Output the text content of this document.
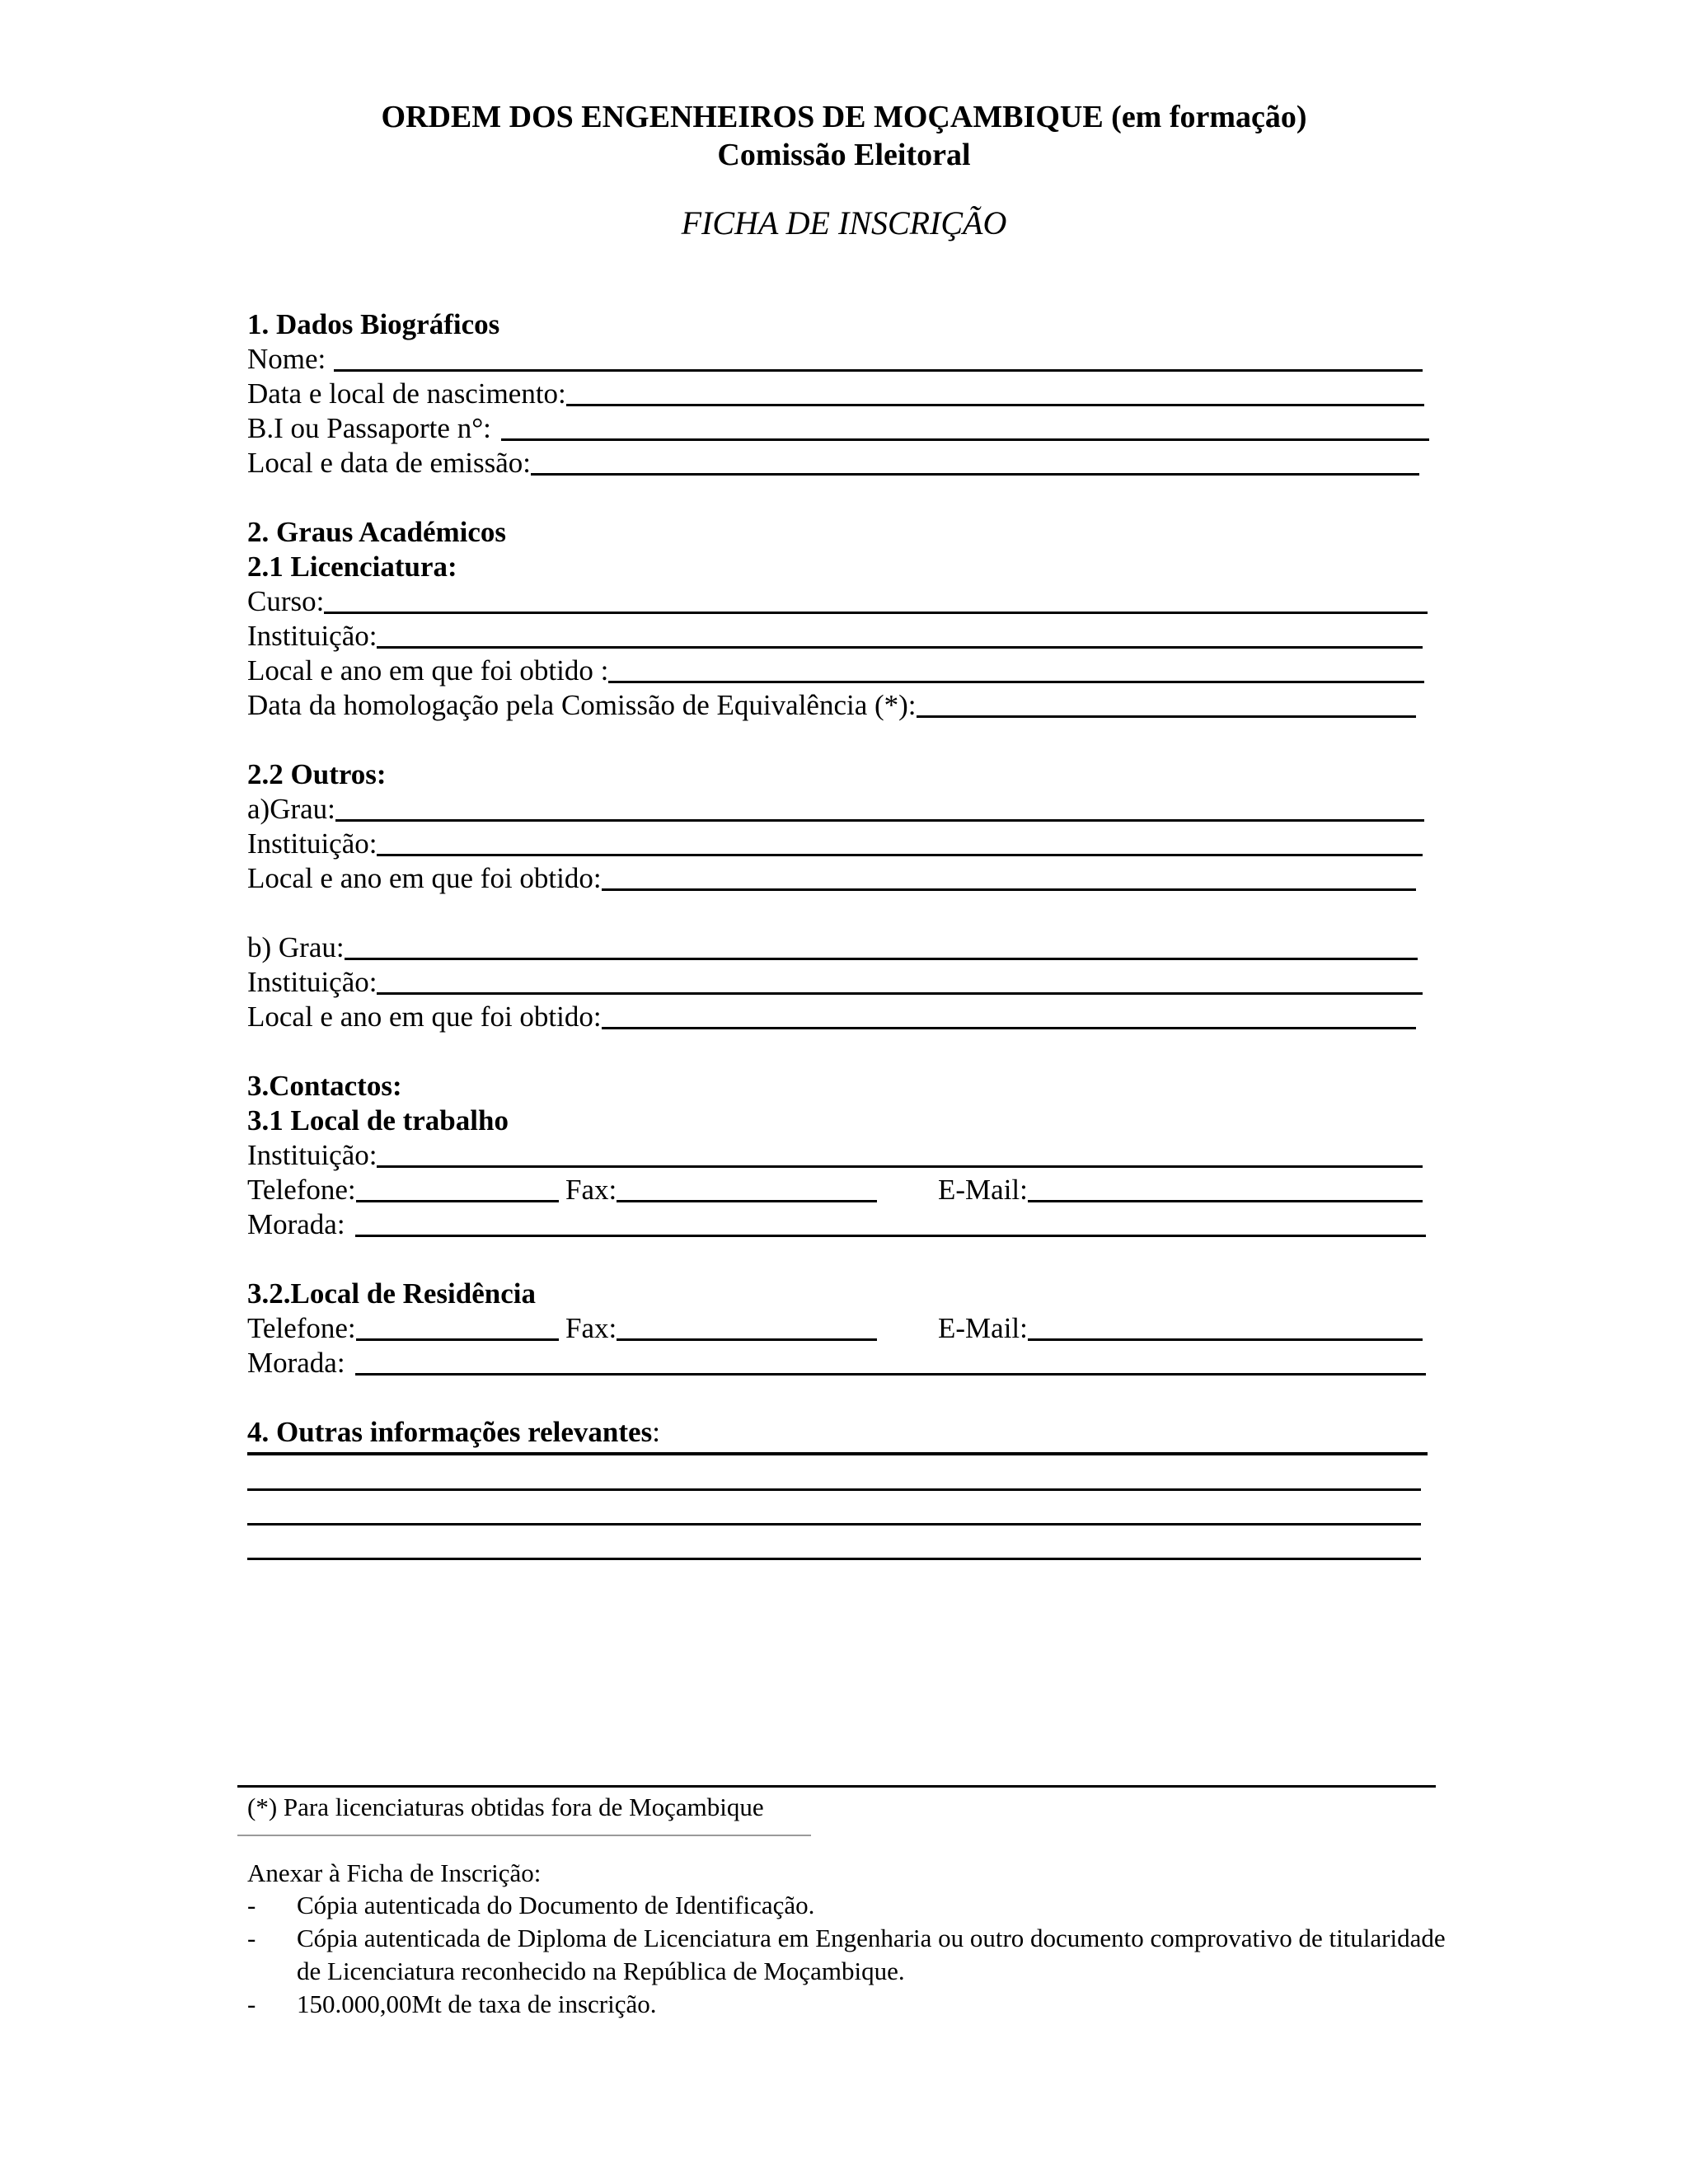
ORDEM DOS ENGENHEIROS DE MOÇAMBIQUE (em formação)
Comissão Eleitoral
FICHA DE INSCRIÇÃO
1. Dados Biográficos
Nome:
Data e local de nascimento:
B.I ou Passaporte n°:
Local e data de emissão:
2. Graus Académicos
2.1 Licenciatura:
Curso:
Instituição:
Local e ano em que foi obtido :
Data da homologação pela Comissão de Equivalência (*):
2.2 Outros:
a)Grau:
Instituição:
Local e ano em que foi obtido:
b) Grau:
Instituição:
Local e ano em que foi obtido:
3.Contactos:
3.1 Local de trabalho
Instituição:
Telefone:	Fax:	E-Mail:
Morada:
3.2.Local de Residência
Telefone:	Fax:	E-Mail:
Morada:
4. Outras informações relevantes :
(*) Para licenciaturas obtidas fora de Moçambique
Anexar à Ficha de Inscrição:
- Cópia autenticada do Documento de Identificação.
- Cópia autenticada de Diploma de Licenciatura em Engenharia ou outro documento comprovativo de titularidade de Licenciatura reconhecido na República de Moçambique.
- 150.000,00Mt de taxa de inscrição.
